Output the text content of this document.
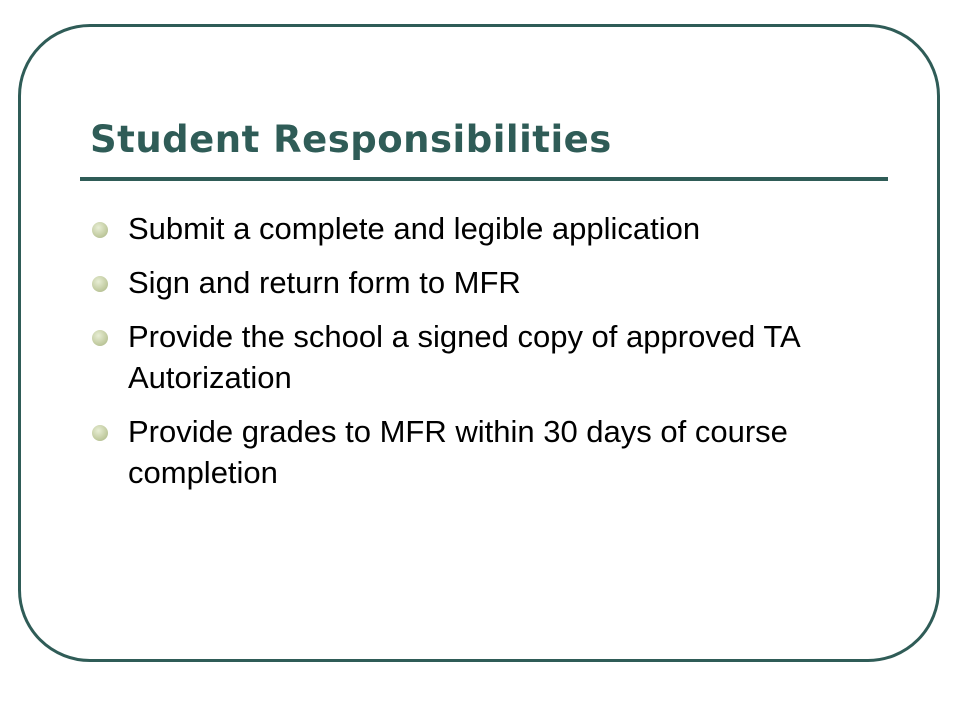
Student Responsibilities
Submit a complete and legible application
Sign and return form to MFR
Provide the school a signed copy of approved TA Autorization
Provide grades to MFR within 30 days of course completion
